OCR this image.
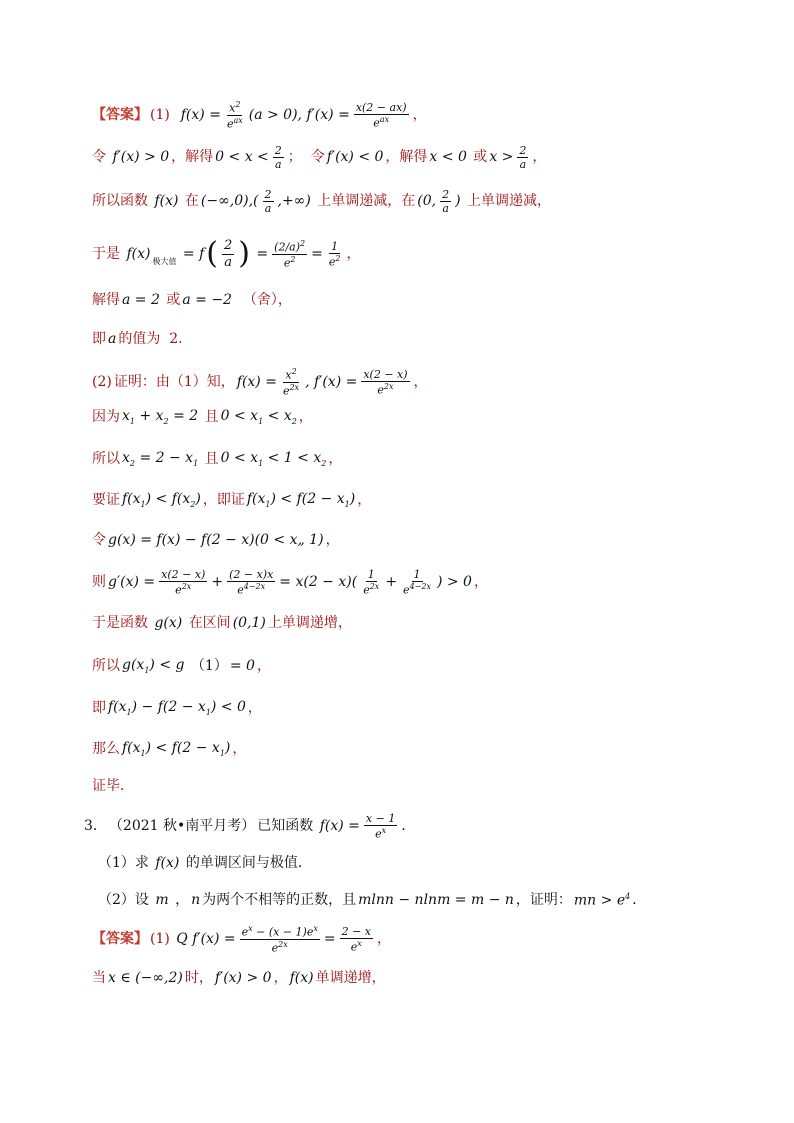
【答案】 (1) $f(x) = \frac{x^2}{e^{ax}} (a > 0)$, $f'(x) = \frac{x(2 - ax)}{e^{ax}}$ ，
令 f′(x) > 0 ，解得 $0 < x < \frac{2}{a}$ ；  令 f′(x) < 0 ，解得 x < 0 或 $x > \frac{2}{a}$ ，
所以函数 f(x) 在 $(-\infty,0),( \frac{2}{a}$ ,+∞) 上单调递减，在 (0, $\frac{2}{a}$ ) 上单调递减，
于是 f(x) 极大值 = f ( $\frac{2}{a}$ ) = $\frac{(2/a)^2}{e^2} = \frac{1}{e^2}$ ，
解得 a = 2 或 a = −2 （舍），
即 a 的值为  2．
(2) 证明：由（1）知， $f(x) = \frac{x^2}{e^{2x}}$ , $f'(x) = \frac{x(2 - x)}{e^{2x}}$ ，
因为 $x_1 + x_2 = 2$ 且 $0 < x_1 < x_2$ ，
所以 $x_2 = 2 - x_1$ 且 $0 < x_1 < 1 < x_2$ ，
要证 $f(x_1) < f(x_2)$ ，即证 $f(x_1) < f(2 - x_1)$ ，
令 g(x) = f(x) − f(2 − x)(0 < x„ 1) ，
则 $g'(x) = \frac{x(2 - x)}{e^{2x}} + \frac{(2 - x)x}{e^{4-2x}} = x(2 - x)( \frac{1}{e^{2x}} + \frac{1}{e^{4-2x}}$ ) > 0 ，
于是函数 g(x) 在区间 (0,1) 上单调递增，
所以 $g(x_1) < g$ （1） = 0 ，
即 $f(x_1) - f(2 - x_1) < 0$ ，
那么 $f(x_1) < f(2 - x_1)$ ，
证毕．
3． （2021 秋•南平月考） 已知函数 $f(x) = \frac{x - 1}{e^x}$ ．
（1）求 f(x) 的单调区间与极值．
（2）设 m ， n 为两个不相等的正数，且 mlnn − nlnm = m − n ，证明： mn > $e^4$ ．
【答案】 (1) Q $f'(x) = \frac{e^x - (x - 1)e^x}{e^{2x}} = \frac{2 - x}{e^x}$ ，
当 x ∈ (−∞,2) 时， f′(x) > 0 ， f(x) 单调递增，
